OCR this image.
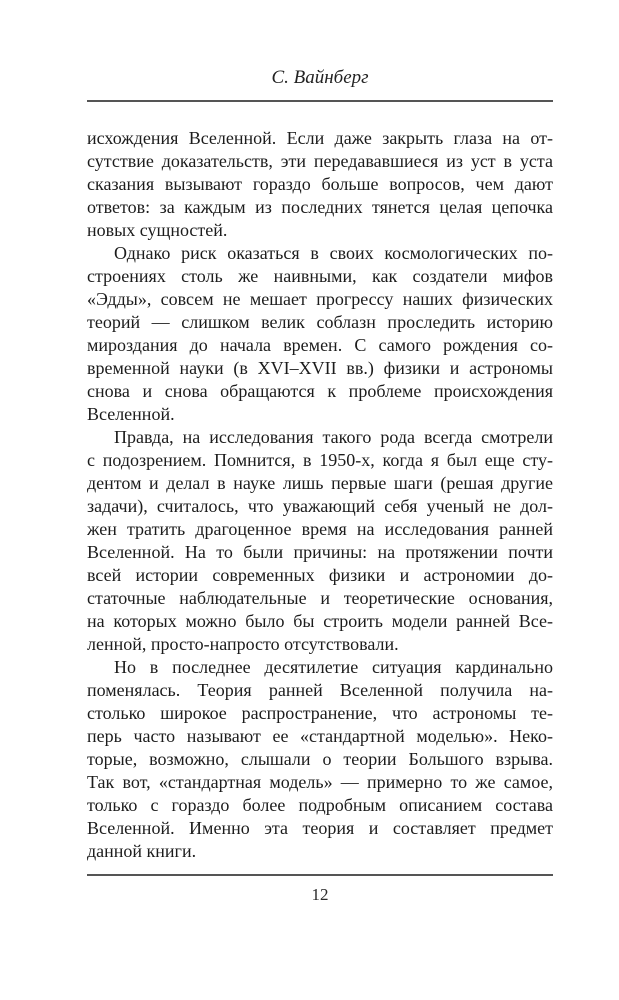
С. Вайнберг
исхождения Вселенной. Если даже закрыть глаза на от-
сутствие доказательств, эти передававшиеся из уст в уста
сказания вызывают гораздо больше вопросов, чем дают
ответов: за каждым из последних тянется целая цепочка
новых сущностей.
Однако риск оказаться в своих космологических по-
строениях столь же наивными, как создатели мифов
«Эдды», совсем не мешает прогрессу наших физических
теорий — слишком велик соблазн проследить историю
мироздания до начала времен. С самого рождения со-
временной науки (в XVI–XVII вв.) физики и астрономы
снова и снова обращаются к проблеме происхождения
Вселенной.
Правда, на исследования такого рода всегда смотрели
с подозрением. Помнится, в 1950-х, когда я был еще сту-
дентом и делал в науке лишь первые шаги (решая другие
задачи), считалось, что уважающий себя ученый не дол-
жен тратить драгоценное время на исследования ранней
Вселенной. На то были причины: на протяжении почти
всей истории современных физики и астрономии до-
статочные наблюдательные и теоретические основания,
на которых можно было бы строить модели ранней Все-
ленной, просто-напросто отсутствовали.
Но в последнее десятилетие ситуация кардинально
поменялась. Теория ранней Вселенной получила на-
столько широкое распространение, что астрономы те-
перь часто называют ее «стандартной моделью». Неко-
торые, возможно, слышали о теории Большого взрыва.
Так вот, «стандартная модель» — примерно то же самое,
только с гораздо более подробным описанием состава
Вселенной. Именно эта теория и составляет предмет
данной книги.
12
